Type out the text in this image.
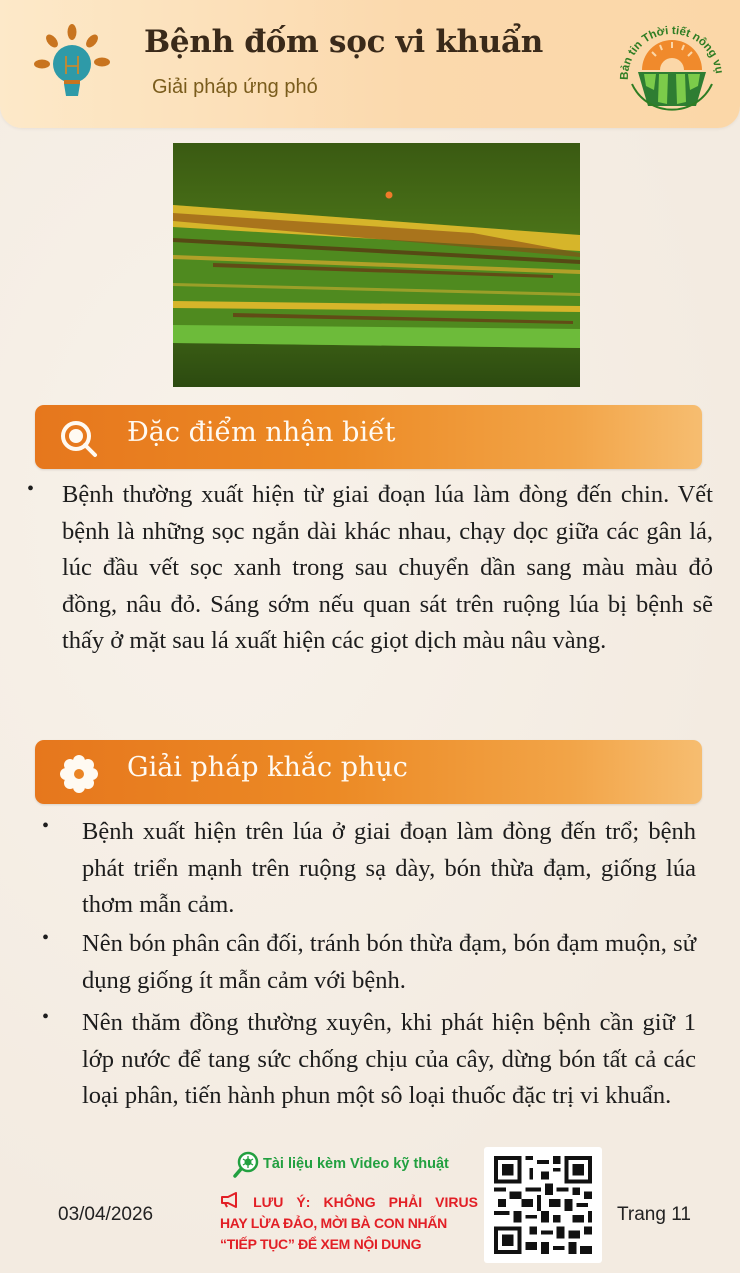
Bệnh đốm sọc vi khuẩn
Giải pháp ứng phó
Bản tin Thời tiết nông vụ
Đặc điểm nhận biết
• Bệnh thường xuất hiện từ giai đoạn lúa làm đòng đến chin. Vết bệnh là những sọc ngắn dài khác nhau, chạy dọc giữa các gân lá, lúc đầu vết sọc xanh trong sau chuyển dần sang màu màu đỏ đồng, nâu đỏ. Sáng sớm nếu quan sát trên ruộng lúa bị bệnh sẽ thấy ở mặt sau lá xuất hiện các giọt dịch màu nâu vàng.
Giải pháp khắc phục
• Bệnh xuất hiện trên lúa ở giai đoạn làm đòng đến trổ; bệnh phát triển mạnh trên ruộng sạ dày, bón thừa đạm, giống lúa thơm mẫn cảm.
• Nên bón phân cân đối, tránh bón thừa đạm, bón đạm muộn, sử dụng giống ít mẫn cảm với bệnh.
• Nên thăm đồng thường xuyên, khi phát hiện bệnh cần giữ 1 lớp nước để tang sức chống chịu của cây, dừng bón tất cả các loại phân, tiến hành phun một sô loại thuốc đặc trị vi khuẩn.
03/04/2026
Tài liệu kèm Video kỹ thuật
LƯU Ý: KHÔNG PHẢI VIRUS
HAY LỪA ĐẢO, MỜI BÀ CON NHẤN
“TIẾP TỤC” ĐỂ XEM NỘI DUNG
Trang 11
